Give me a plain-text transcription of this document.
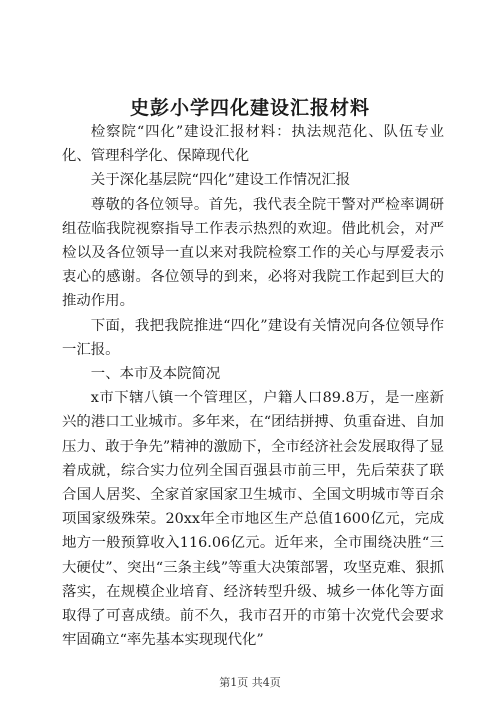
史彭小学四化建设汇报材料

检察院“四化”建设汇报材料：执法规范化、队伍专业化、管理科学化、保障现代化

关于深化基层院“四化”建设工作情况汇报

尊敬的各位领导。首先，我代表全院干警对严检率调研组莅临我院视察指导工作表示热烈的欢迎。借此机会，对严检以及各位领导一直以来对我院检察工作的关心与厚爱表示衷心的感谢。各位领导的到来，必将对我院工作起到巨大的推动作用。

下面，我把我院推进“四化”建设有关情况向各位领导作一汇报。

一、本市及本院简况

x市下辖八镇一个管理区，户籍人口89.8万，是一座新兴的港口工业城市。多年来，在“团结拼搏、负重奋进、自加压力、敢于争先”精神的激励下，全市经济社会发展取得了显着成就，综合实力位列全国百强县市前三甲，先后荣获了联合国人居奖、全家首家国家卫生城市、全国文明城市等百余项国家级殊荣。20xx年全市地区生产总值1600亿元，完成地方一般预算收入116.06亿元。近年来，全市围绕决胜“三大硬仗”、突出“三条主线”等重大决策部署，攻坚克难、狠抓落实，在规模企业培育、经济转型升级、城乡一体化等方面取得了可喜成绩。前不久，我市召开的市第十次党代会要求牢固确立“率先基本实现现代化”

第1页 共4页
